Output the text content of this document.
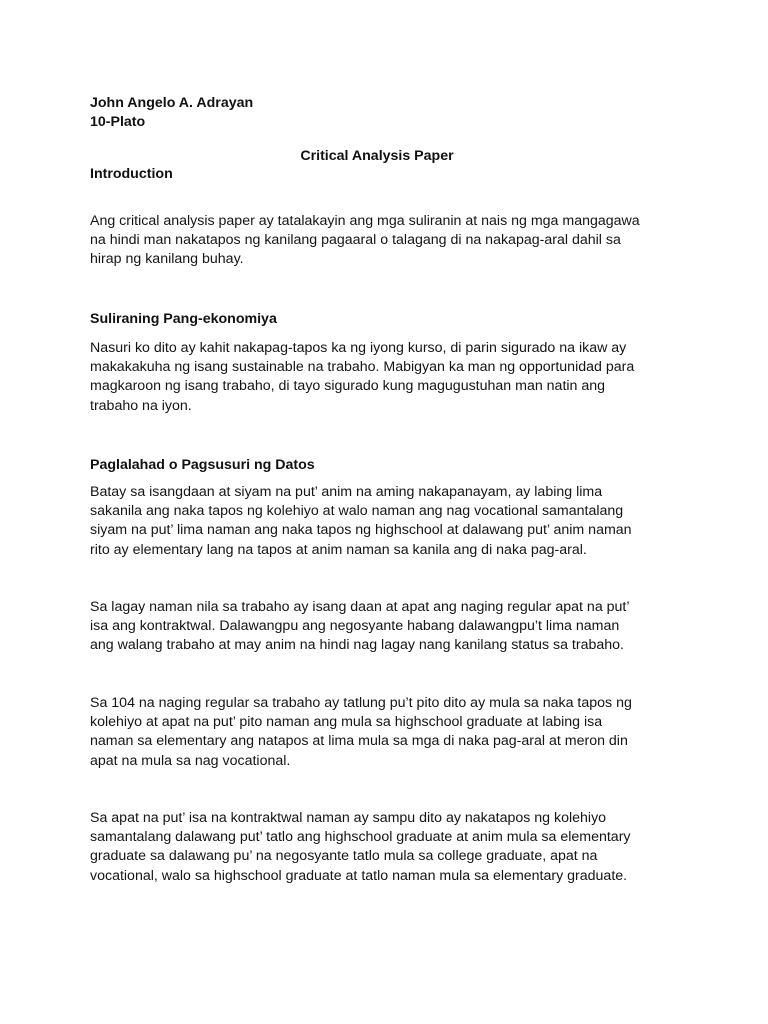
John Angelo A. Adrayan
10-Plato
Critical Analysis Paper
Introduction
Ang critical analysis paper ay tatalakayin ang mga suliranin at nais ng mga mangagawa
na hindi man nakatapos ng kanilang pagaaral o talagang di na nakapag-aral dahil sa
hirap ng kanilang buhay.
Suliraning Pang-ekonomiya
Nasuri ko dito ay kahit nakapag-tapos ka ng iyong kurso, di parin sigurado na ikaw ay
makakakuha ng isang sustainable na trabaho. Mabigyan ka man ng opportunidad para
magkaroon ng isang trabaho, di tayo sigurado kung magugustuhan man natin ang
trabaho na iyon.
Paglalahad o Pagsusuri ng Datos
Batay sa isangdaan at siyam na put’ anim na aming nakapanayam, ay labing lima
sakanila ang naka tapos ng kolehiyo at walo naman ang nag vocational samantalang
siyam na put’ lima naman ang naka tapos ng highschool at dalawang put’ anim naman
rito ay elementary lang na tapos at anim naman sa kanila ang di naka pag-aral.
Sa lagay naman nila sa trabaho ay isang daan at apat ang naging regular apat na put’
isa ang kontraktwal. Dalawangpu ang negosyante habang dalawangpu’t lima naman
ang walang trabaho at may anim na hindi nag lagay nang kanilang status sa trabaho.
Sa 104 na naging regular sa trabaho ay tatlung pu’t pito dito ay mula sa naka tapos ng
kolehiyo at apat na put’ pito naman ang mula sa highschool graduate at labing isa
naman sa elementary ang natapos at lima mula sa mga di naka pag-aral at meron din
apat na mula sa nag vocational.
Sa apat na put’ isa na kontraktwal naman ay sampu dito ay nakatapos ng kolehiyo
samantalang dalawang put’ tatlo ang highschool graduate at anim mula sa elementary
graduate sa dalawang pu’ na negosyante tatlo mula sa college graduate, apat na
vocational, walo sa highschool graduate at tatlo naman mula sa elementary graduate.
